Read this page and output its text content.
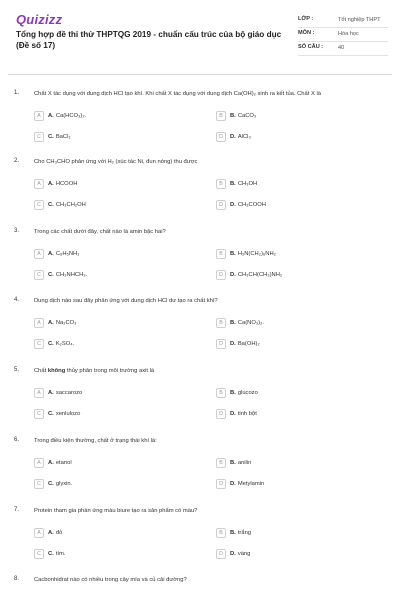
Quizizz
Tổng hợp đề thi thử THPTQG 2019 - chuẩn cấu trúc của bộ giáo dục (Đề số 17)
LỚP :	Tốt nghiệp THPT
MÔN :	Hóa học
SỐ CÂU :	40
1.	Chất X tác dụng với dung dịch HCl tạo khí. Khi chất X tác dụng với dung dịch Ca(OH)₂ sinh ra kết tủa. Chất X là
A	A. Ca(HCO₃)₂.	B	B. CaCO₃
C	C. BaCl₂	D	D. AlCl₃
2.	Cho CH₃CHO phản ứng với H₂ (xúc tác Ni, đun nóng) thu được
A	A. HCOOH	B	B. CH₃OH
C	C. CH₃CH₂OH	D	D. CH₃COOH
3.	Trong các chất dưới đây, chất nào là amin bậc hai?
A	A. C₆H₅NH₂	B	B. H₂N(CH₂)₆NH₂
C	C. CH₃NHCH₃.	D	D. CH₃CH(CH₃)NH₂
4.	Dung dịch nào sau đây phản ứng với dung dịch HCl dư tạo ra chất khí?
A	A. Na₂CO₃	B	B. Ca(NO₃)₂.
C	C. K₂SO₄.	D	D. Ba(OH)₂
5.	Chất không thủy phân trong môi trường axit là
A	A. saccarozo	B	B. glucozo
C	C. xenlulozo	D	D. tinh bột
6.	Trong điều kiện thường, chất ở trạng thái khí là:
A	A. etanol	B	B. anilin
C	C. glyxin.	D	D. Metylamin
7.	Protein tham gia phản ứng màu biure tạo ra sản phẩm có màu?
A	A. đỏ	B	B. trắng
C	C. tím.	D	D. vàng
8.	Cacbonhidrat nào có nhiều trong cây mía và củ cải đường?
